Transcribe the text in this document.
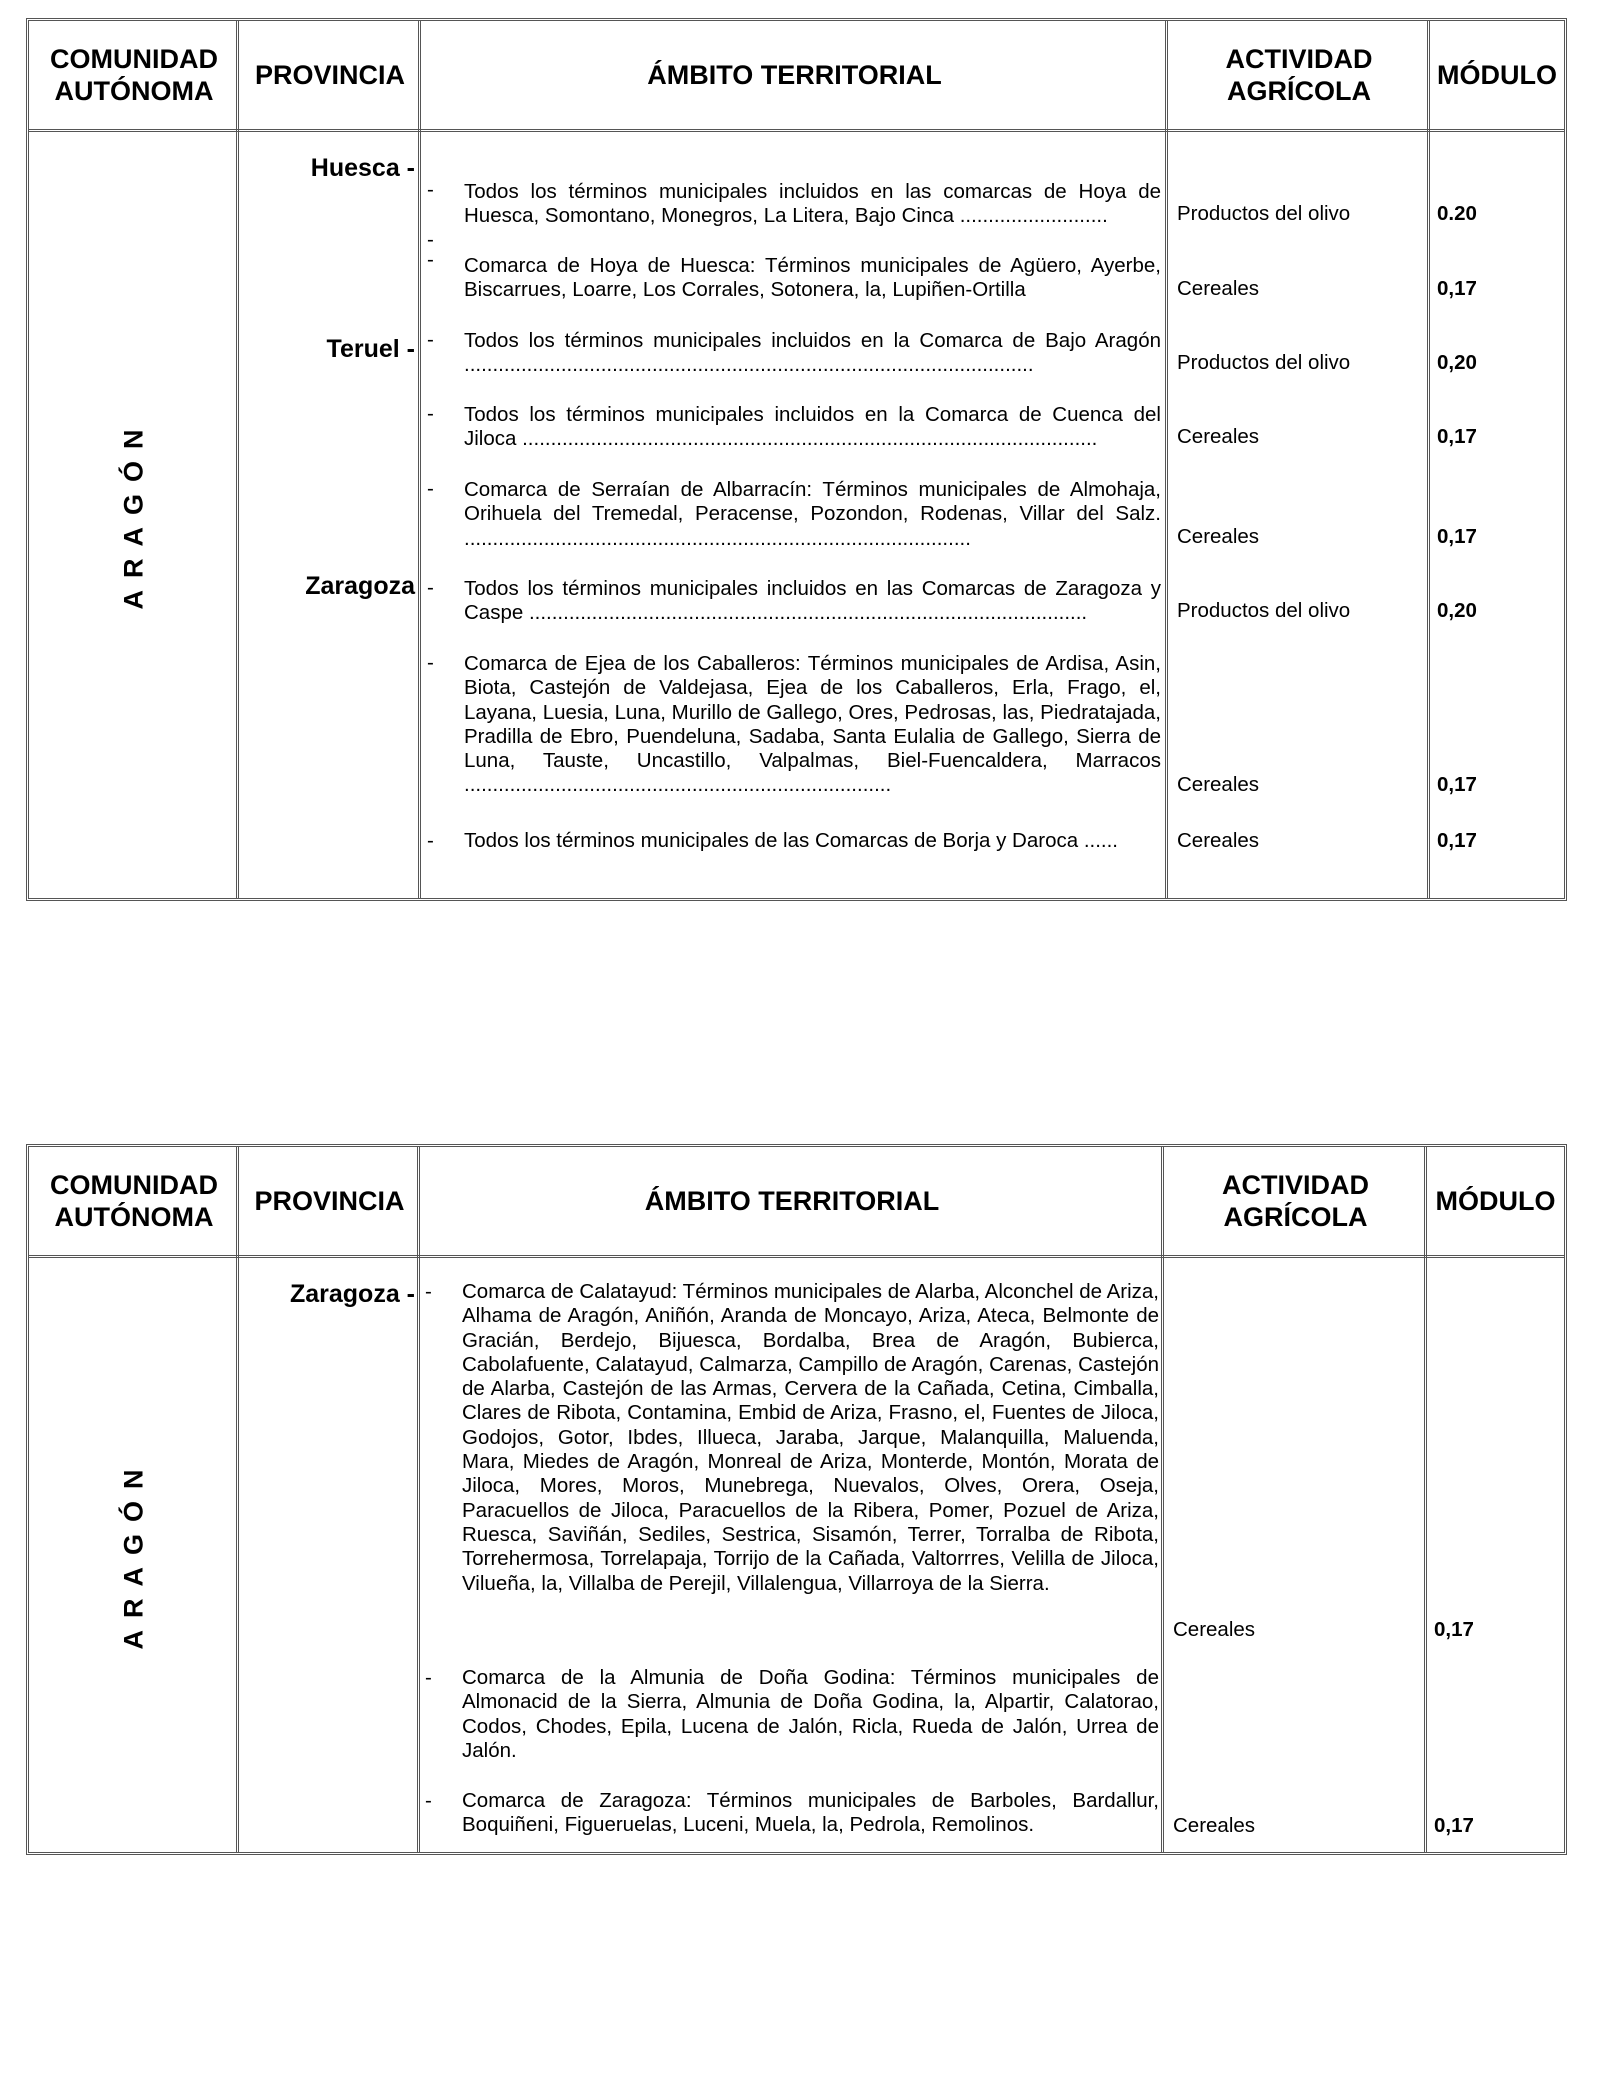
COMUNIDAD AUTÓNOMA
PROVINCIA	ÁMBITO TERRITORIAL
ACTIVIDAD AGRÍCOLA
MÓDULO
ARAGÓN
Huesca -
Teruel -
Zaragoza
-
-
-
-
-
-
-
-
-
Todos los términos municipales incluidos en las comarcas de Hoya de Huesca, Somontano, Monegros, La Litera, Bajo Cinca ..........................
Comarca de Hoya de Huesca: Términos municipales de Agüero, Ayerbe, Biscarrues, Loarre, Los Corrales, Sotonera, la, Lupiñen-Ortilla
Todos los términos municipales incluidos en la Comarca de Bajo Aragón ....................................................................................................
Todos los términos municipales incluidos en la Comarca de Cuenca del Jiloca .....................................................................................................
Comarca de Serraían de Albarracín: Términos municipales de Almohaja, Orihuela del Tremedal, Peracense, Pozondon, Rodenas, Villar del Salz. .........................................................................................
Todos los términos municipales incluidos en las Comarcas de Zaragoza y Caspe ..................................................................................................
Comarca de Ejea de los Caballeros: Términos municipales de Ardisa, Asin, Biota, Castejón de Valdejasa, Ejea de los Caballeros, Erla, Frago, el, Layana, Luesia, Luna, Murillo de Gallego, Ores, Pedrosas, las, Piedratajada, Pradilla de Ebro, Puendeluna, Sadaba, Santa Eulalia de Gallego, Sierra de Luna, Tauste, Uncastillo, Valpalmas, Biel-Fuencaldera, Marracos ...........................................................................
Todos los términos municipales de las Comarcas de Borja y Daroca ......
Productos del olivo
Cereales
Productos del olivo
Cereales
Cereales
Productos del olivo
Cereales
Cereales
0.20
0,17
0,20
0,17
0,17
0,20
0,17
0,17
COMUNIDAD AUTÓNOMA
PROVINCIA	ÁMBITO TERRITORIAL
ACTIVIDAD AGRÍCOLA
MÓDULO
ARAGÓN
Zaragoza - -
-
-
Comarca de Calatayud: Términos municipales de Alarba, Alconchel de Ariza, Alhama de Aragón, Aniñón, Aranda de Moncayo, Ariza, Ateca, Belmonte de Gracián, Berdejo, Bijuesca, Bordalba, Brea de Aragón, Bubierca, Cabolafuente, Calatayud, Calmarza, Campillo de Aragón, Carenas, Castejón de Alarba, Castejón de las Armas, Cervera de la Cañada, Cetina, Cimballa, Clares de Ribota, Contamina, Embid de Ariza, Frasno, el, Fuentes de Jiloca, Godojos, Gotor, Ibdes, Illueca, Jaraba, Jarque, Malanquilla, Maluenda, Mara, Miedes de Aragón, Monreal de Ariza, Monterde, Montón, Morata de Jiloca, Mores, Moros, Munebrega, Nuevalos, Olves, Orera, Oseja, Paracuellos de Jiloca, Paracuellos de la Ribera, Pomer, Pozuel de Ariza, Ruesca, Saviñán, Sediles, Sestrica, Sisamón, Terrer, Torralba de Ribota, Torrehermosa, Torrelapaja, Torrijo de la Cañada, Valtorrres, Velilla de Jiloca, Vilueña, la, Villalba de Perejil, Villalengua, Villarroya de la Sierra.
Comarca de la Almunia de Doña Godina: Términos municipales de Almonacid de la Sierra, Almunia de Doña Godina, la, Alpartir, Calatorao, Codos, Chodes, Epila, Lucena de Jalón, Ricla, Rueda de Jalón, Urrea de Jalón.
Comarca de Zaragoza: Términos municipales de Barboles, Bardallur, Boquiñeni, Figueruelas, Luceni, Muela, la, Pedrola, Remolinos.
Cereales
Cereales
0,17
0,17
